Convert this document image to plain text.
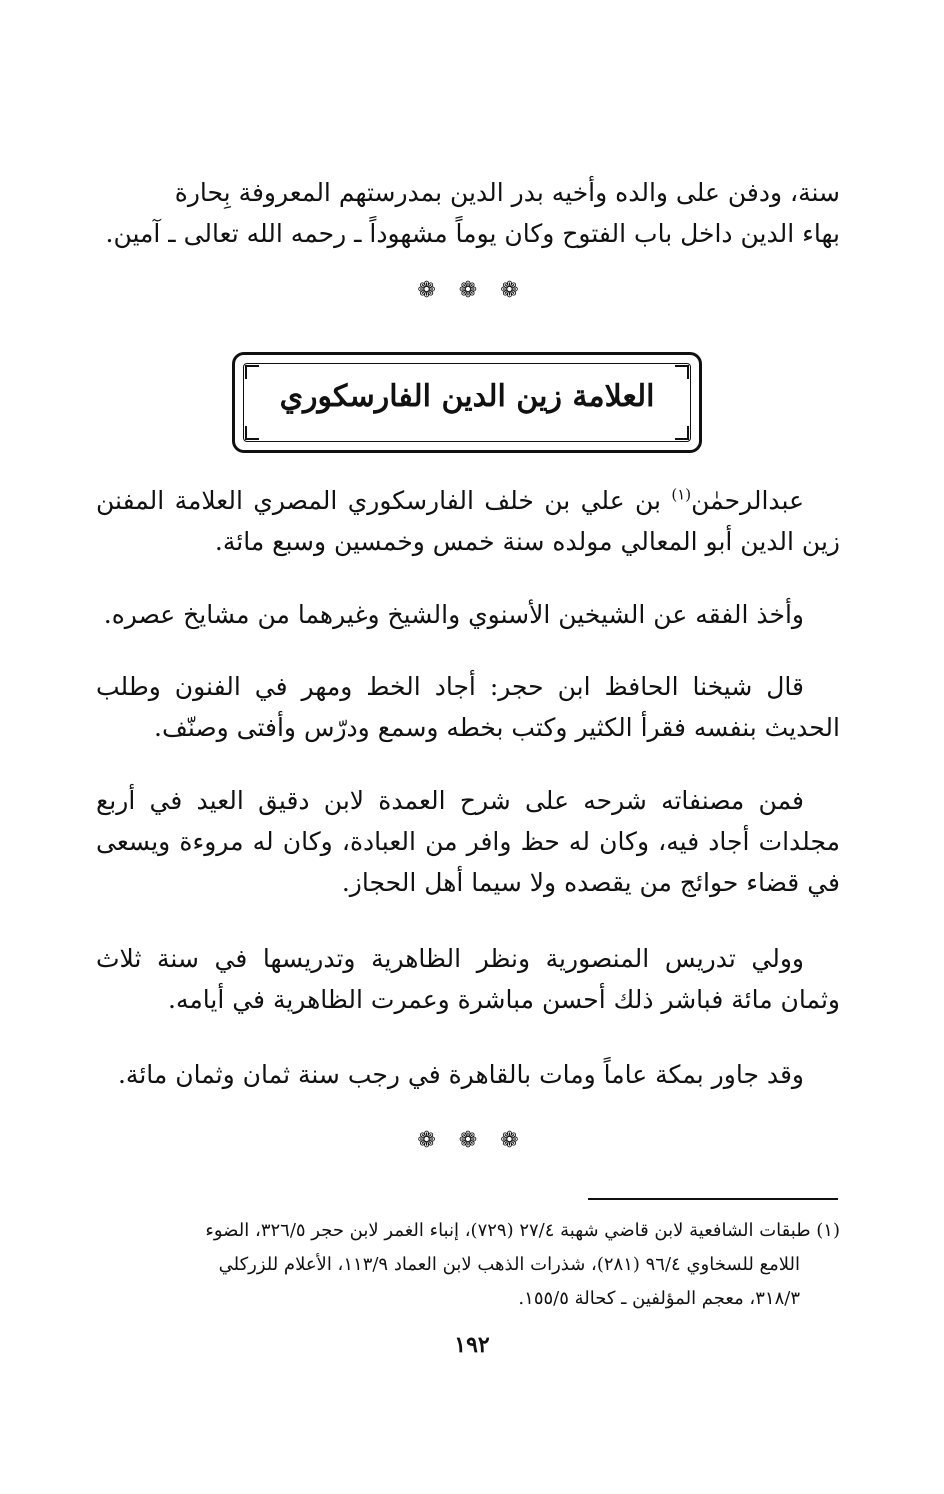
سنة، ودفن على والده وأخيه بدر الدين بمدرستهم المعروفة بِحارة
بهاء الدين داخل باب الفتوح وكان يوماً مشهوداً ـ رحمه الله تعالى ـ آمين.

❁ ❁ ❁
العلامة زين الدين الفارسكوري

عبدالرحمٰن$^{(١)}$ بن علي بن خلف الفارسكوري المصري العلامة المفنن زين الدين أبو المعالي مولده سنة خمس وخمسين وسبع مائة.

وأخذ الفقه عن الشيخين الأسنوي والشيخ وغيرهما من مشايخ عصره.

قال شيخنا الحافظ ابن حجر: أجاد الخط ومهر في الفنون وطلب الحديث بنفسه فقرأ الكثير وكتب بخطه وسمع ودرّس وأفتى وصنّف.

فمن مصنفاته شرحه على شرح العمدة لابن دقيق العيد في أربع مجلدات أجاد فيه، وكان له حظ وافر من العبادة، وكان له مروءة ويسعى في قضاء حوائج من يقصده ولا سيما أهل الحجاز.

وولي تدريس المنصورية ونظر الظاهرية وتدريسها في سنة ثلاث وثمان مائة فباشر ذلك أحسن مباشرة وعمرت الظاهرية في أيامه.

وقد جاور بمكة عاماً ومات بالقاهرة في رجب سنة ثمان وثمان مائة.

❁ ❁ ❁
(١) طبقات الشافعية لابن قاضي شهبة ٢٧/٤ (٧٢٩)، إنباء الغمر لابن حجر ٣٢٦/٥، الضوء
اللامع للسخاوي ٩٦/٤ (٢٨١)، شذرات الذهب لابن العماد ١١٣/٩، الأعلام للزركلي
٣١٨/٣، معجم المؤلفين ـ كحالة ١٥٥/٥.
١٩٢
